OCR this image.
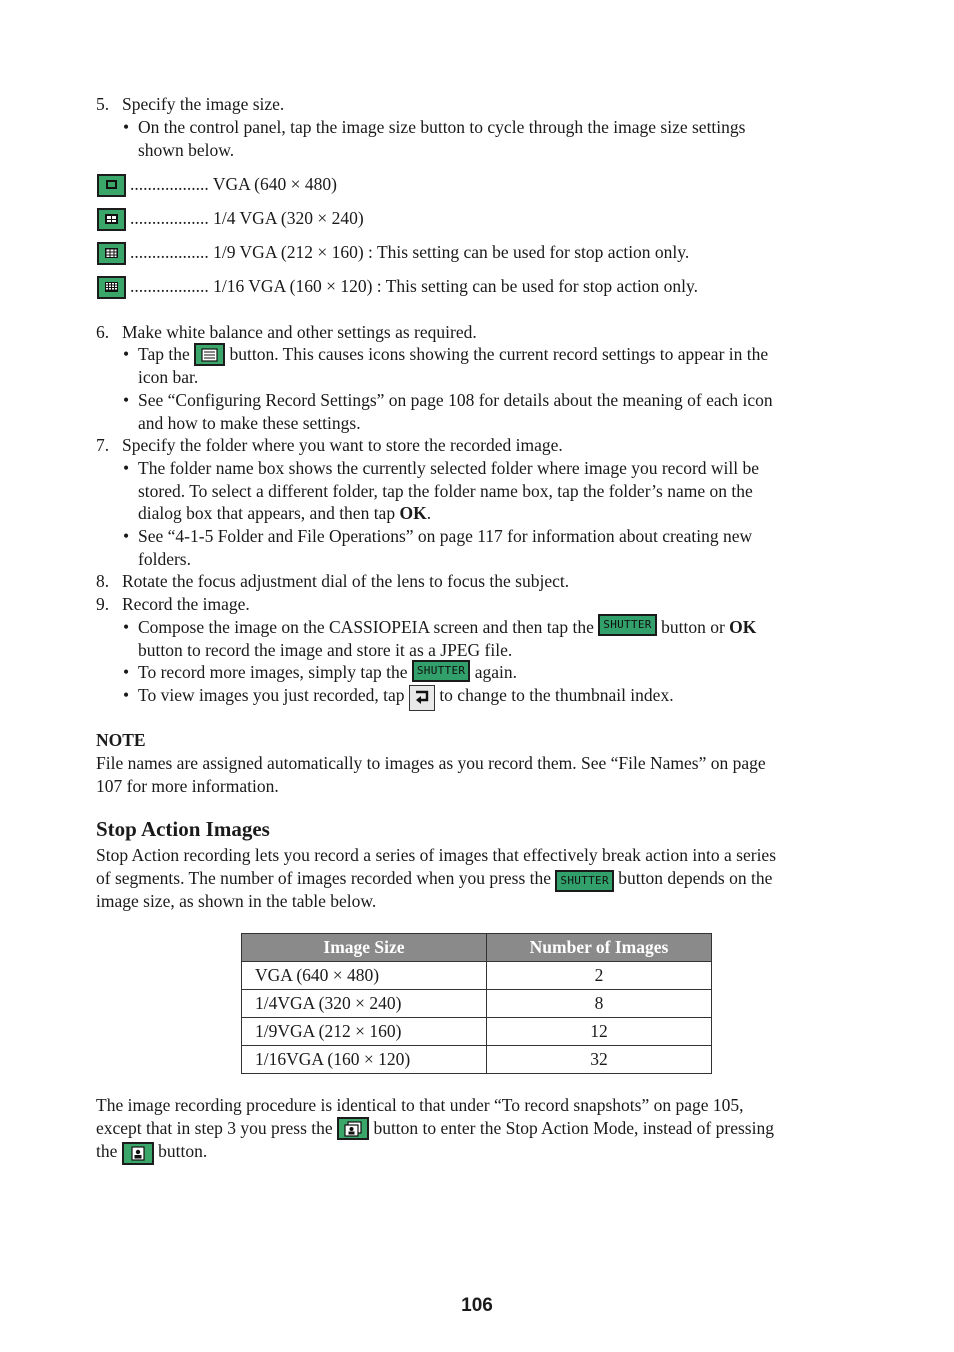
5. Specify the image size.
• On the control panel, tap the image size button to cycle through the image size settings
shown below.
.................. VGA (640 × 480)
.................. 1/4 VGA (320 × 240)
.................. 1/9 VGA (212 × 160) : This setting can be used for stop action only.
.................. 1/16 VGA (160 × 120) : This setting can be used for stop action only.
6. Make white balance and other settings as required.
• Tap the button. This causes icons showing the current record settings to appear in the
icon bar.
• See “Configuring Record Settings” on page 108 for details about the meaning of each icon
and how to make these settings.
7. Specify the folder where you want to store the recorded image.
• The folder name box shows the currently selected folder where image you record will be
stored. To select a different folder, tap the folder name box, tap the folder’s name on the
dialog box that appears, and then tap OK.
• See “4-1-5 Folder and File Operations” on page 117 for information about creating new
folders.
8. Rotate the focus adjustment dial of the lens to focus the subject.
9. Record the image.
• Compose the image on the CASSIOPEIA screen and then tap the SHUTTER button or OK
button to record the image and store it as a JPEG file.
• To record more images, simply tap the SHUTTER again.
• To view images you just recorded, tap to change to the thumbnail index.
NOTE
File names are assigned automatically to images as you record them. See “File Names” on page
107 for more information.
Stop Action Images
Stop Action recording lets you record a series of images that effectively break action into a series
of segments. The number of images recorded when you press the SHUTTER button depends on the
image size, as shown in the table below.
Image Size	Number of Images
VGA (640 × 480)	2
1/4VGA (320 × 240)	8
1/9VGA (212 × 160)	12
1/16VGA (160 × 120)	32
The image recording procedure is identical to that under “To record snapshots” on page 105,
except that in step 3 you press the button to enter the Stop Action Mode, instead of pressing
the button.
106
